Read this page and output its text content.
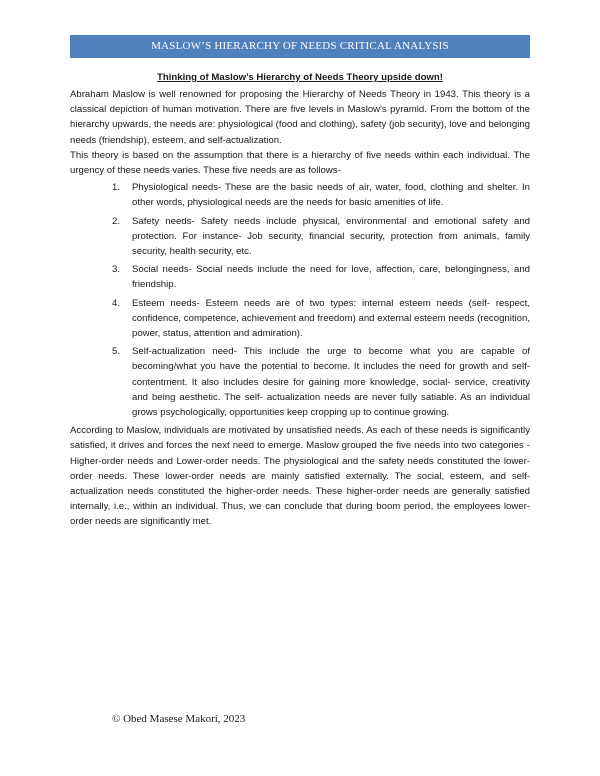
MASLOW’S HIERARCHY OF NEEDS CRITICAL ANALYSIS

Thinking of Maslow’s Hierarchy of Needs Theory upside down!

Abraham Maslow is well renowned for proposing the Hierarchy of Needs Theory in 1943. This theory is a classical depiction of human motivation. There are five levels in Maslow's pyramid. From the bottom of the hierarchy upwards, the needs are: physiological (food and clothing), safety (job security), love and belonging needs (friendship), esteem, and self-actualization.

This theory is based on the assumption that there is a hierarchy of five needs within each individual. The urgency of these needs varies. These five needs are as follows-

1.	Physiological needs- These are the basic needs of air, water, food, clothing and shelter. In other words, physiological needs are the needs for basic amenities of life.
2.	Safety needs- Safety needs include physical, environmental and emotional safety and protection. For instance- Job security, financial security, protection from animals, family security, health security, etc.
3.	Social needs- Social needs include the need for love, affection, care, belongingness, and friendship.
4.	Esteem needs- Esteem needs are of two types: internal esteem needs (self- respect, confidence, competence, achievement and freedom) and external esteem needs (recognition, power, status, attention and admiration).
5.	Self-actualization need- This include the urge to become what you are capable of becoming/what you have the potential to become. It includes the need for growth and self-contentment. It also includes desire for gaining more knowledge, social- service, creativity and being aesthetic. The self- actualization needs are never fully satiable. As an individual grows psychologically, opportunities keep cropping up to continue growing.

According to Maslow, individuals are motivated by unsatisfied needs. As each of these needs is significantly satisfied, it drives and forces the next need to emerge. Maslow grouped the five needs into two categories - Higher-order needs and Lower-order needs. The physiological and the safety needs constituted the lower-order needs. These lower-order needs are mainly satisfied externally. The social, esteem, and self-actualization needs constituted the higher-order needs. These higher-order needs are generally satisfied internally, i.e., within an individual. Thus, we can conclude that during boom period, the employees lower-order needs are significantly met.

© Obed Masese Makori, 2023
